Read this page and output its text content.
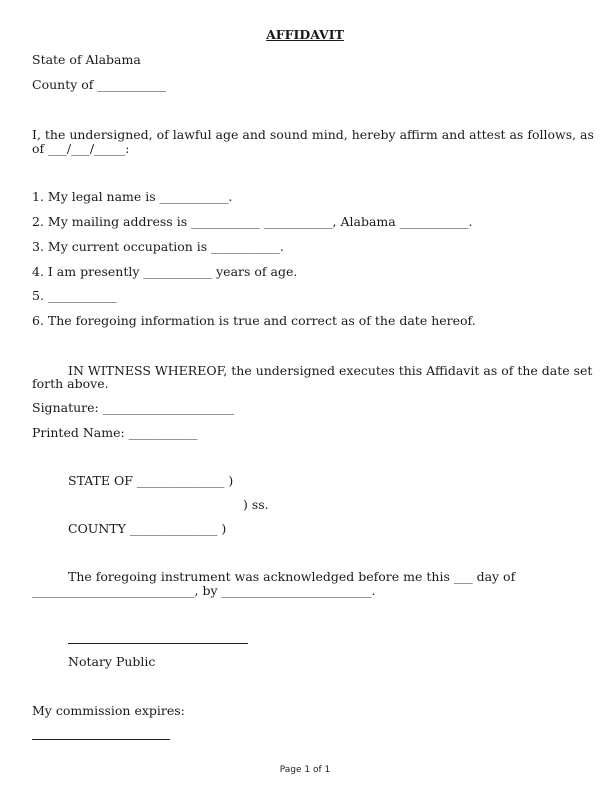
AFFIDAVIT
State of Alabama
County of ___________
I, the undersigned, of lawful age and sound mind, hereby affirm and attest as follows, as
of ___/___/_____:
1. My legal name is ___________.
2. My mailing address is ___________ ___________, Alabama ___________.
3. My current occupation is ___________.
4. I am presently ___________ years of age.
5. ___________
6. The foregoing information is true and correct as of the date hereof.
IN WITNESS WHEREOF, the undersigned executes this Affidavit as of the date set
forth above.
Signature: _____________________
Printed Name: ___________
STATE OF ______________ )
) ss.
COUNTY ______________ )
The foregoing instrument was acknowledged before me this ___ day of
__________________________, by ________________________.
Notary Public
My commission expires:
Page 1 of 1
